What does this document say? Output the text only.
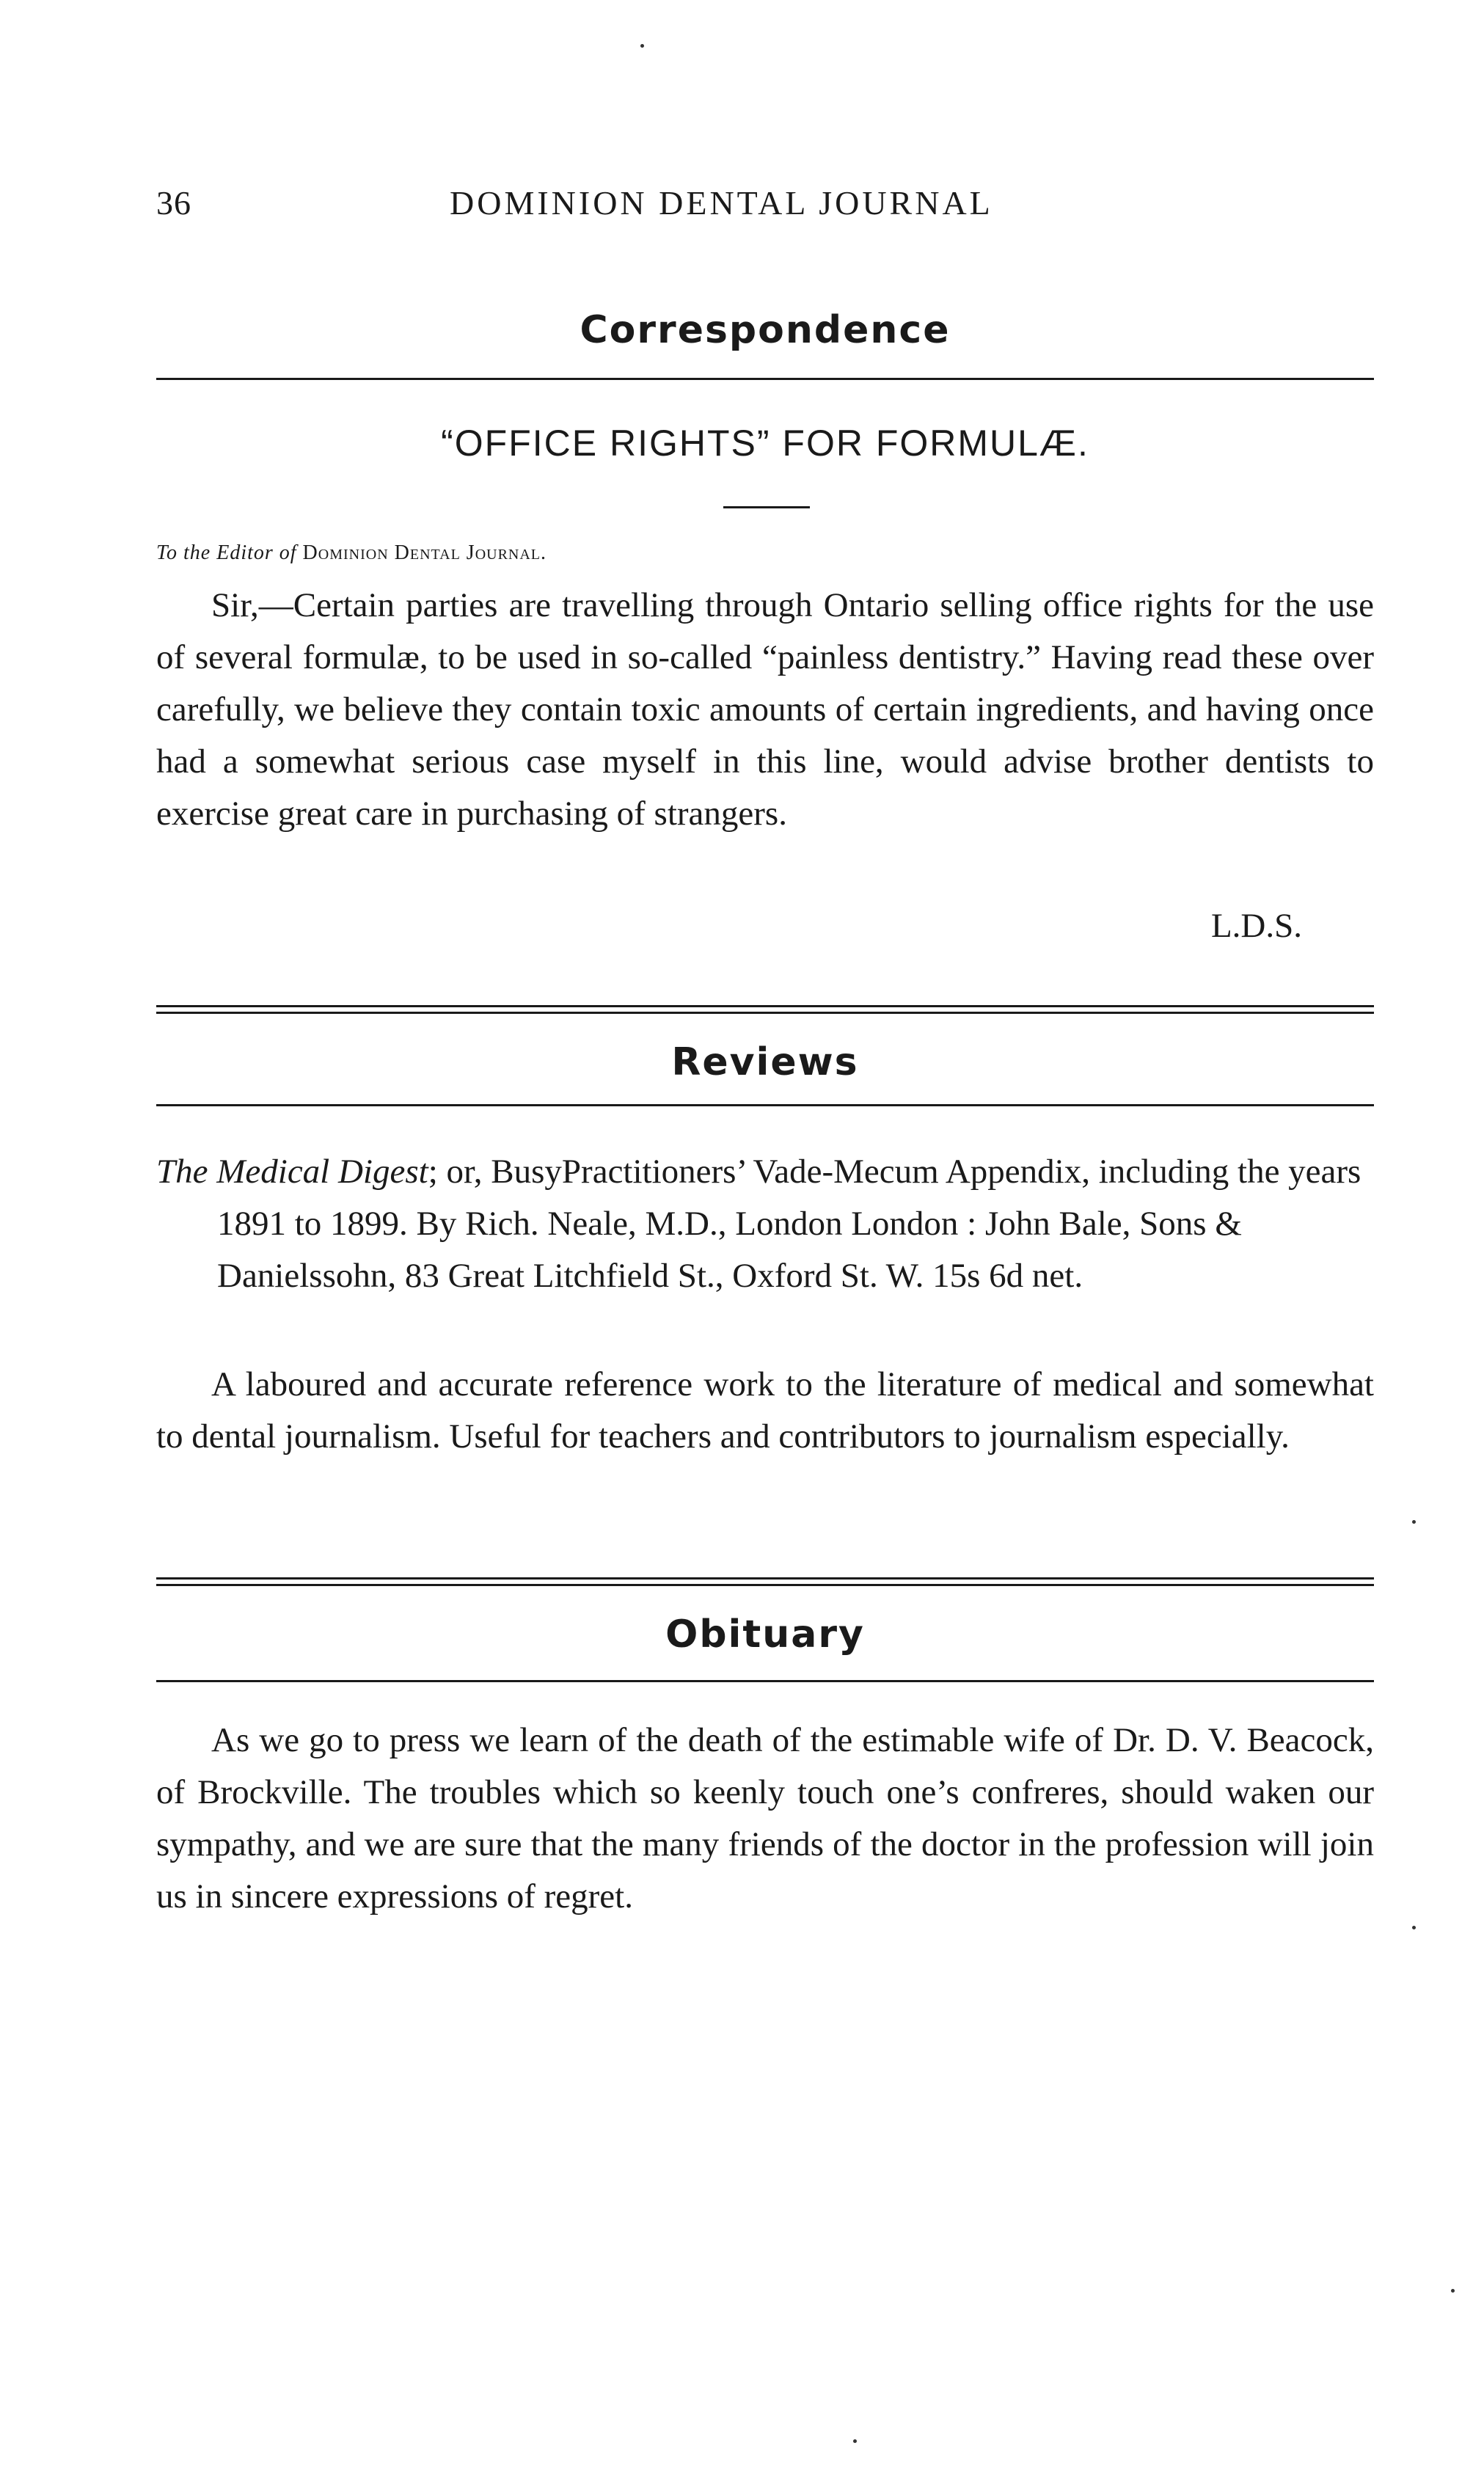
36	DOMINION DENTAL JOURNAL
Correspondence
“OFFICE RIGHTS” FOR FORMULÆ.
To the Editor of Dominion Dental Journal.

Sir,—Certain parties are travelling through Ontario selling office rights for the use of several formulæ, to be used in so-called “painless dentistry.” Having read these over carefully, we believe they contain toxic amounts of certain ingredients, and having once had a somewhat serious case myself in this line, would advise brother dentists to exercise great care in purchasing of strangers.

L.D.S.
Reviews

The Medical Digest; or, BusyPractitioners’ Vade-Mecum Appendix, including the years 1891 to 1899. By Rich. Neale, M.D., London London : John Bale, Sons & Danielssohn, 83 Great Litchfield St., Oxford St. W. 15s 6d net.

A laboured and accurate reference work to the literature of medical and somewhat to dental journalism. Useful for teachers and contributors to journalism especially.

Obituary

As we go to press we learn of the death of the estimable wife of Dr. D. V. Beacock, of Brockville. The troubles which so keenly touch one’s confreres, should waken our sympathy, and we are sure that the many friends of the doctor in the profession will join us in sincere expressions of regret.
